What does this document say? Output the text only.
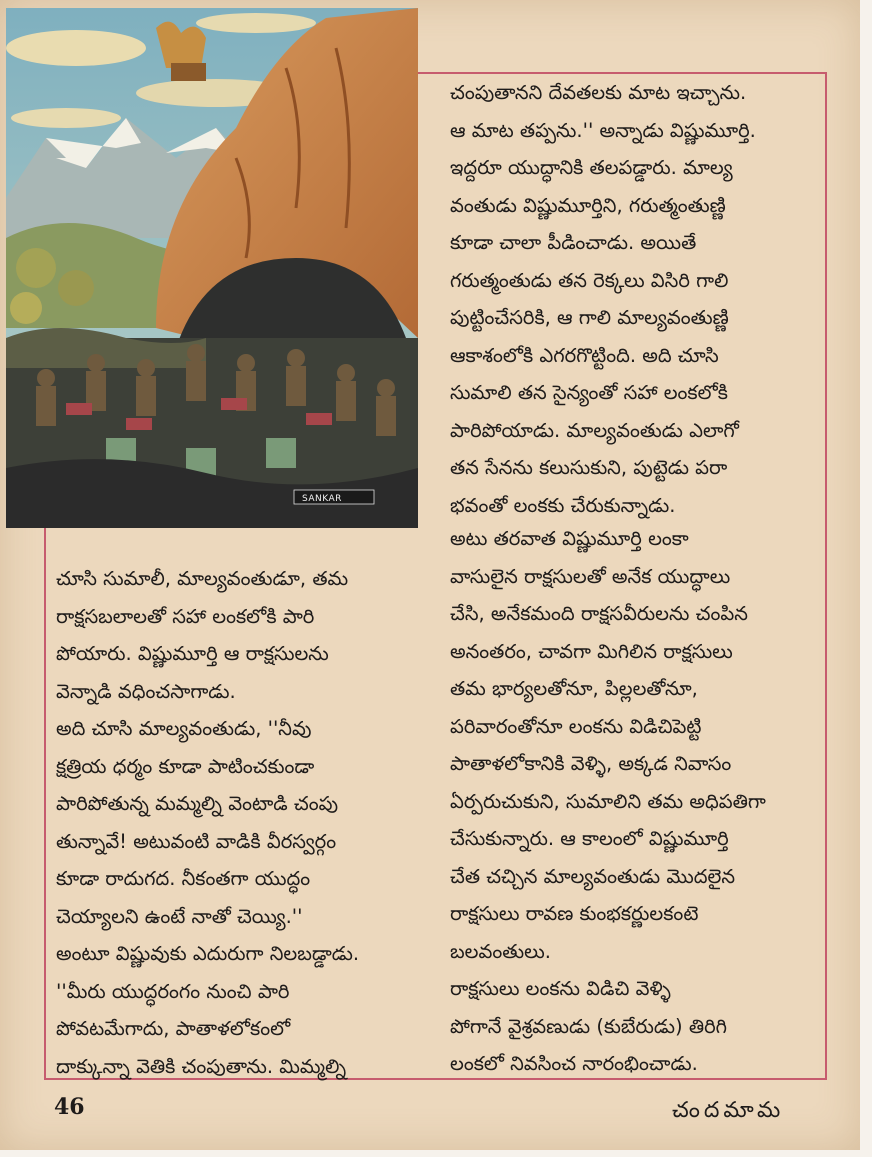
SANKAR
చంపుతానని దేవతలకు మాట ఇచ్చాను.
ఆ మాట తప్పను.'' అన్నాడు విష్ణుమూర్తి.
ఇద్దరూ యుద్ధానికి తలపడ్డారు. మాల్య
వంతుడు విష్ణుమూర్తిని, గరుత్మంతుణ్ణి
కూడా చాలా పీడించాడు. అయితే
గరుత్మంతుడు తన రెక్కలు విసిరి గాలి
పుట్టించేసరికి, ఆ గాలి మాల్యవంతుణ్ణి
ఆకాశంలోకి ఎగరగొట్టింది. అది చూసి
సుమాలి తన సైన్యంతో సహా లంకలోకి
పారిపోయాడు. మాల్యవంతుడు ఎలాగో
తన సేనను కలుసుకుని, పుట్టెడు పరా
భవంతో లంకకు చేరుకున్నాడు.
అటు తరవాత విష్ణుమూర్తి లంకా
వాసులైన రాక్షసులతో అనేక యుద్ధాలు
చేసి, అనేకమంది రాక్షసవీరులను చంపిన
అనంతరం, చావగా మిగిలిన రాక్షసులు
తమ భార్యలతోనూ, పిల్లలతోనూ,
పరివారంతోనూ లంకను విడిచిపెట్టి
పాతాళలోకానికి వెళ్ళి, అక్కడ నివాసం
ఏర్పరుచుకుని, సుమాలిని తమ అధిపతిగా
చేసుకున్నారు. ఆ కాలంలో విష్ణుమూర్తి
చేత చచ్చిన మాల్యవంతుడు మొదలైన
రాక్షసులు రావణ కుంభకర్ణులకంటె
బలవంతులు.
రాక్షసులు లంకను విడిచి వెళ్ళి
పోగానే వైశ్రవణుడు (కుబేరుడు) తిరిగి
లంకలో నివసించ నారంభించాడు.
చూసి సుమాలీ, మాల్యవంతుడూ, తమ
రాక్షసబలాలతో సహా లంకలోకి పారి
పోయారు. విష్ణుమూర్తి ఆ రాక్షసులను
వెన్నాడి వధించసాగాడు.
అది చూసి మాల్యవంతుడు, ''నీవు
క్షత్రియ ధర్మం కూడా పాటించకుండా
పారిపోతున్న మమ్మల్ని వెంటాడి చంపు
తున్నావే! అటువంటి వాడికి వీరస్వర్గం
కూడా రాదుగద. నీకంతగా యుద్ధం
చెయ్యాలని ఉంటే నాతో చెయ్యి.''
అంటూ విష్ణువుకు ఎదురుగా నిలబడ్డాడు.
''మీరు యుద్ధరంగం నుంచి పారి
పోవటమేగాదు, పాతాళలోకంలో
దాక్కున్నా వెతికి చంపుతాను. మిమ్మల్ని
46	చందమామ
